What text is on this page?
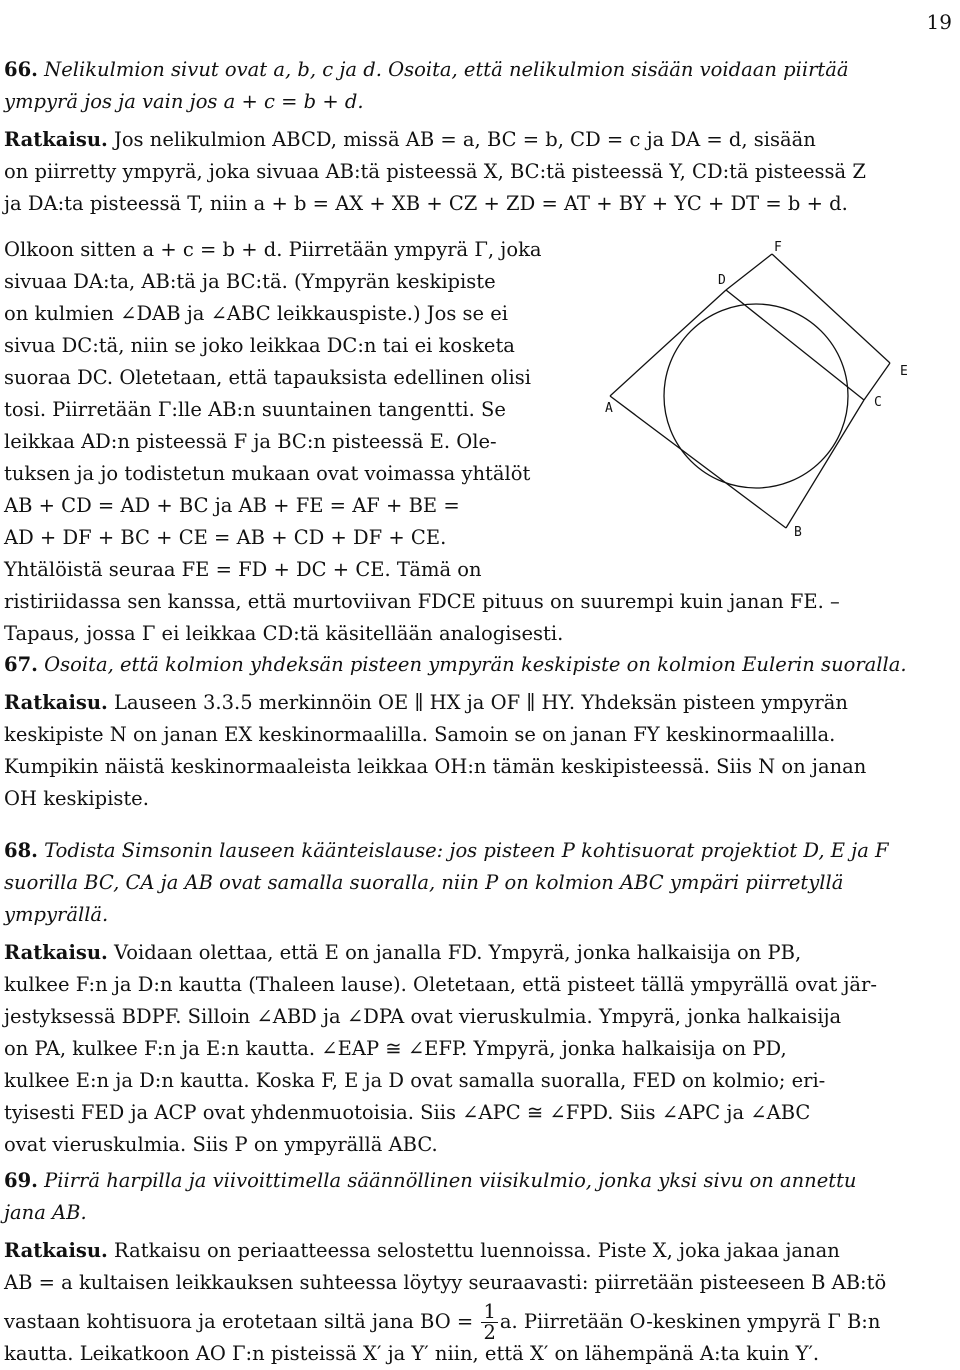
19
66. Nelikulmion sivut ovat a, b, c ja d. Osoita, että nelikulmion sisään voidaan piirtää
ympyrä jos ja vain jos a + c = b + d.
Ratkaisu. Jos nelikulmion ABCD, missä AB = a, BC = b, CD = c ja DA = d, sisään
on piirretty ympyrä, joka sivuaa AB:tä pisteessä X, BC:tä pisteessä Y, CD:tä pisteessä Z
ja DA:ta pisteessä T, niin a + b = AX + XB + CZ + ZD = AT + BY + YC + DT = b + d.
Olkoon sitten a + c = b + d. Piirretään ympyrä Γ, joka
sivuaa DA:ta, AB:tä ja BC:tä. (Ympyrän keskipiste
on kulmien ∠DAB ja ∠ABC leikkauspiste.) Jos se ei
sivua DC:tä, niin se joko leikkaa DC:n tai ei kosketa
suoraa DC. Oletetaan, että tapauksista edellinen olisi
tosi. Piirretään Γ:lle AB:n suuntainen tangentti. Se
leikkaa AD:n pisteessä F ja BC:n pisteessä E. Ole-
tuksen ja jo todistetun mukaan ovat voimassa yhtälöt
AB + CD = AD + BC ja AB + FE = AF + BE =
AD + DF + BC + CE = AB + CD + DF + CE.
Yhtälöistä seuraa FE = FD + DC + CE. Tämä on
ristiriidassa sen kanssa, että murtoviivan FDCE pituus on suurempi kuin janan FE. –
Tapaus, jossa Γ ei leikkaa CD:tä käsitellään analogisesti.
D
F
E
C
A
B
67. Osoita, että kolmion yhdeksän pisteen ympyrän keskipiste on kolmion Eulerin suoralla.
Ratkaisu. Lauseen 3.3.5 merkinnöin OE ∥ HX ja OF ∥ HY. Yhdeksän pisteen ympyrän
keskipiste N on janan EX keskinormaalilla. Samoin se on janan FY keskinormaalilla.
Kumpikin näistä keskinormaaleista leikkaa OH:n tämän keskipisteessä. Siis N on janan
OH keskipiste.
68. Todista Simsonin lauseen käänteislause: jos pisteen P kohtisuorat projektiot D, E ja F
suorilla BC, CA ja AB ovat samalla suoralla, niin P on kolmion ABC ympäri piirretyllä
ympyrällä.
Ratkaisu. Voidaan olettaa, että E on janalla FD. Ympyrä, jonka halkaisija on PB,
kulkee F:n ja D:n kautta (Thaleen lause). Oletetaan, että pisteet tällä ympyrällä ovat jär-
jestyksessä BDPF. Silloin ∠ABD ja ∠DPA ovat vieruskulmia. Ympyrä, jonka halkaisija
on PA, kulkee F:n ja E:n kautta. ∠EAP ≅ ∠EFP. Ympyrä, jonka halkaisija on PD,
kulkee E:n ja D:n kautta. Koska F, E ja D ovat samalla suoralla, FED on kolmio; eri-
tyisesti FED ja ACP ovat yhdenmuotoisia. Siis ∠APC ≅ ∠FPD. Siis ∠APC ja ∠ABC
ovat vieruskulmia. Siis P on ympyrällä ABC.
69. Piirrä harpilla ja viivoittimella säännöllinen viisikulmio, jonka yksi sivu on annettu
jana AB.
Ratkaisu. Ratkaisu on periaatteessa selostettu luennoissa. Piste X, joka jakaa janan
AB = a kultaisen leikkauksen suhteessa löytyy seuraavasti: piirretään pisteeseen B AB:tö
vastaan kohtisuora ja erotetaan siltä jana BO = $\frac{1}{2} a$. Piirretään O-keskinen ympyrä Γ B:n
kautta. Leikatkoon AO Γ:n pisteissä X′ ja Y′ niin, että X′ on lähempänä A:ta kuin Y′.
